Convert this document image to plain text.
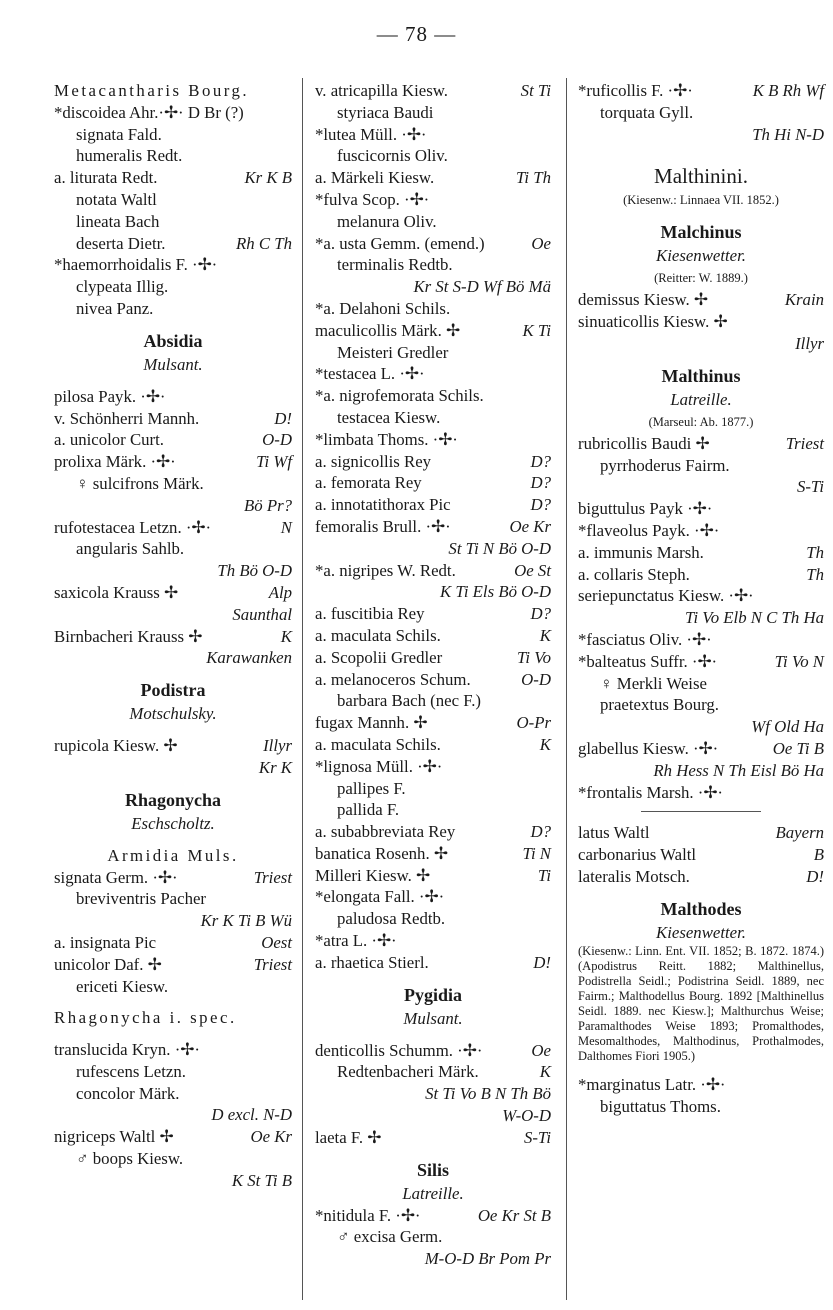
— 78 —
Metacantharis Bourg.
*discoidea Ahr.·✢· D Br (?)
signata Fald.
humeralis Redt.
a. liturata Redt.	Kr K B
notata Waltl
lineata Bach
deserta Dietr.	Rh C Th
*haemorrhoidalis F. ·✢·
clypeata Illig.
nivea Panz.
Absidia
Mulsant.
pilosa Payk. ·✢·
v. Schönherri Mannh.	D!
a. unicolor Curt.	O-D
prolixa Märk. ·✢·	Ti Wf
♀ sulcifrons Märk.
Bö Pr?
rufotestacea Letzn. ·✢·	N
angularis Sahlb.
Th Bö O-D
saxicola Krauss ✢	Alp
Saunthal
Birnbacheri Krauss ✢	K
Karawanken
Podistra
Motschulsky.
rupicola Kiesw. ✢	Illyr
Kr K
Rhagonycha
Eschscholtz.
Armidia Muls.
signata Germ. ·✢·	Triest
breviventris Pacher
Kr K Ti B Wü
a. insignata Pic	Oest
unicolor Daf. ✢	Triest
ericeti Kiesw.
Rhagonycha i. spec.
translucida Kryn. ·✢·
rufescens Letzn.
concolor Märk.
D excl. N-D
nigriceps Waltl ✢	Oe Kr
♂ boops Kiesw.
K St Ti B
v. atricapilla Kiesw.	St Ti
styriaca Baudi
*lutea Müll. ·✢·
fuscicornis Oliv.
a. Märkeli Kiesw.	Ti Th
*fulva Scop. ·✢·
melanura Oliv.
*a. usta Gemm. (emend.)	Oe
terminalis Redtb.
Kr St S-D Wf Bö Mä
*a. Delahoni Schils.
maculicollis Märk. ✢	K Ti
Meisteri Gredler
*testacea L. ·✢·
*a. nigrofemorata Schils.
testacea Kiesw.
*limbata Thoms. ·✢·
a. signicollis Rey	D?
a. femorata Rey	D?
a. innotatithorax Pic	D?
femoralis Brull. ·✢·	Oe Kr
St Ti N Bö O-D
*a. nigripes W. Redt.	Oe St
K Ti Els Bö O-D
a. fuscitibia Rey	D?
a. maculata Schils.	K
a. Scopolii Gredler	Ti Vo
a. melanoceros Schum.	O-D
barbara Bach (nec F.)
fugax Mannh. ✢	O-Pr
a. maculata Schils.	K
*lignosa Müll. ·✢·
pallipes F.
pallida F.
a. subabbreviata Rey	D?
banatica Rosenh. ✢	Ti N
Milleri Kiesw. ✢	Ti
*elongata Fall. ·✢·
paludosa Redtb.
*atra L. ·✢·
a. rhaetica Stierl.	D!
Pygidia
Mulsant.
denticollis Schumm. ·✢·	Oe
Redtenbacheri Märk.	K
St Ti Vo B N Th Bö
W-O-D
laeta F. ✢	S-Ti
Silis
Latreille.
*nitidula F. ·✢·	Oe Kr St B
♂ excisa Germ.
M-O-D Br Pom Pr
*ruficollis F. ·✢·	K B Rh Wf
torquata Gyll.
Th Hi N-D
Malthinini.
(Kiesenw.: Linnaea VII. 1852.)
Malchinus
Kiesenwetter.
(Reitter: W. 1889.)
demissus Kiesw. ✢	Krain
sinuaticollis Kiesw. ✢
Illyr
Malthinus
Latreille.
(Marseul: Ab. 1877.)
rubricollis Baudi ✢	Triest
pyrrhoderus Fairm.
S-Ti
biguttulus Payk ·✢·
*flaveolus Payk. ·✢·
a. immunis Marsh.	Th
a. collaris Steph.	Th
seriepunctatus Kiesw. ·✢·
Ti Vo Elb N C Th Ha
*fasciatus Oliv. ·✢·
*balteatus Suffr. ·✢·	Ti Vo N
♀ Merkli Weise
praetextus Bourg.
Wf Old Ha
glabellus Kiesw. ·✢·	Oe Ti B
Rh Hess N Th Eisl Bö Ha
*frontalis Marsh. ·✢·
latus Waltl	Bayern
carbonarius Waltl	B
lateralis Motsch.	D!
Malthodes
Kiesenwetter.
(Kiesenw.: Linn. Ent. VII. 1852; B. 1872. 1874.) (Apodistrus Reitt. 1882; Malthinellus, Podistrella Seidl.; Podistrina Seidl. 1889, nec Fairm.; Malthodellus Bourg. 1892 [Malthinellus Seidl. 1889. nec Kiesw.]; Malthurchus Weise; Paramalthodes Weise 1893; Promalthodes, Mesomalthodes, Malthodinus, Prothalmodes, Dalthomes Fiori 1905.)
*marginatus Latr. ·✢·
biguttatus Thoms.
